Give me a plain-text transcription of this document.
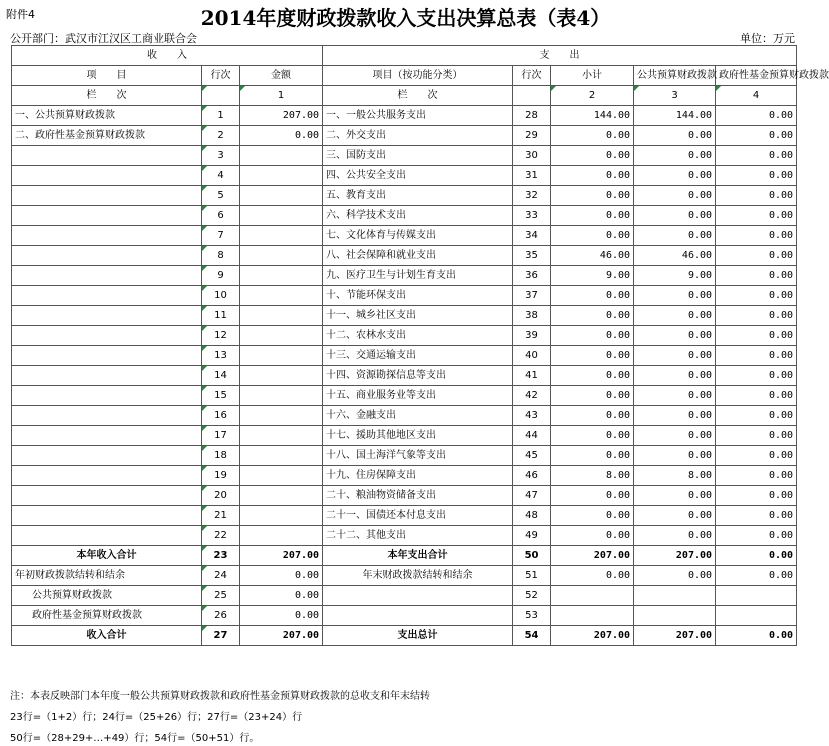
附件4	2014年度财政拨款收入支出决算总表（表4）
公开部门：武汉市江汉区工商业联合会	单位：万元
收　　入			支　　出				
项　　目	行次	金额	项目（按功能分类）	行次	小计	公共预算财政拨款	政府性基金预算财政拨款
栏　　次		1	栏　　次		2	3	4
一、公共预算财政拨款	1	207.00	一、一般公共服务支出	28	144.00	144.00	0.00
二、政府性基金预算财政拨款	2	0.00	二、外交支出	29	0.00	0.00	0.00
	3		三、国防支出	30	0.00	0.00	0.00
	4		四、公共安全支出	31	0.00	0.00	0.00
	5		五、教育支出	32	0.00	0.00	0.00
	6		六、科学技术支出	33	0.00	0.00	0.00
	7		七、文化体育与传媒支出	34	0.00	0.00	0.00
	8		八、社会保障和就业支出	35	46.00	46.00	0.00
	9		九、医疗卫生与计划生育支出	36	9.00	9.00	0.00
	10		十、节能环保支出	37	0.00	0.00	0.00
	11		十一、城乡社区支出	38	0.00	0.00	0.00
	12		十二、农林水支出	39	0.00	0.00	0.00
	13		十三、交通运输支出	40	0.00	0.00	0.00
	14		十四、资源勘探信息等支出	41	0.00	0.00	0.00
	15		十五、商业服务业等支出	42	0.00	0.00	0.00
	16		十六、金融支出	43	0.00	0.00	0.00
	17		十七、援助其他地区支出	44	0.00	0.00	0.00
	18		十八、国土海洋气象等支出	45	0.00	0.00	0.00
	19		十九、住房保障支出	46	8.00	8.00	0.00
	20		二十、粮油物资储备支出	47	0.00	0.00	0.00
	21		二十一、国债还本付息支出	48	0.00	0.00	0.00
	22		二十二、其他支出	49	0.00	0.00	0.00
本年收入合计	23	207.00	本年支出合计	50	207.00	207.00	0.00
年初财政拨款结转和结余	24	0.00	年末财政拨款结转和结余	51	0.00	0.00	0.00
公共预算财政拨款	25	0.00		52			
政府性基金预算财政拨款	26	0.00		53			
收入合计	27	207.00	支出总计	54	207.00	207.00	0.00
注：本表反映部门本年度一般公共预算财政拨款和政府性基金预算财政拨款的总收支和年末结转
23行=（1+2）行；24行=（25+26）行；27行=（23+24）行
50行=（28+29+…+49）行；54行=（50+51）行。
